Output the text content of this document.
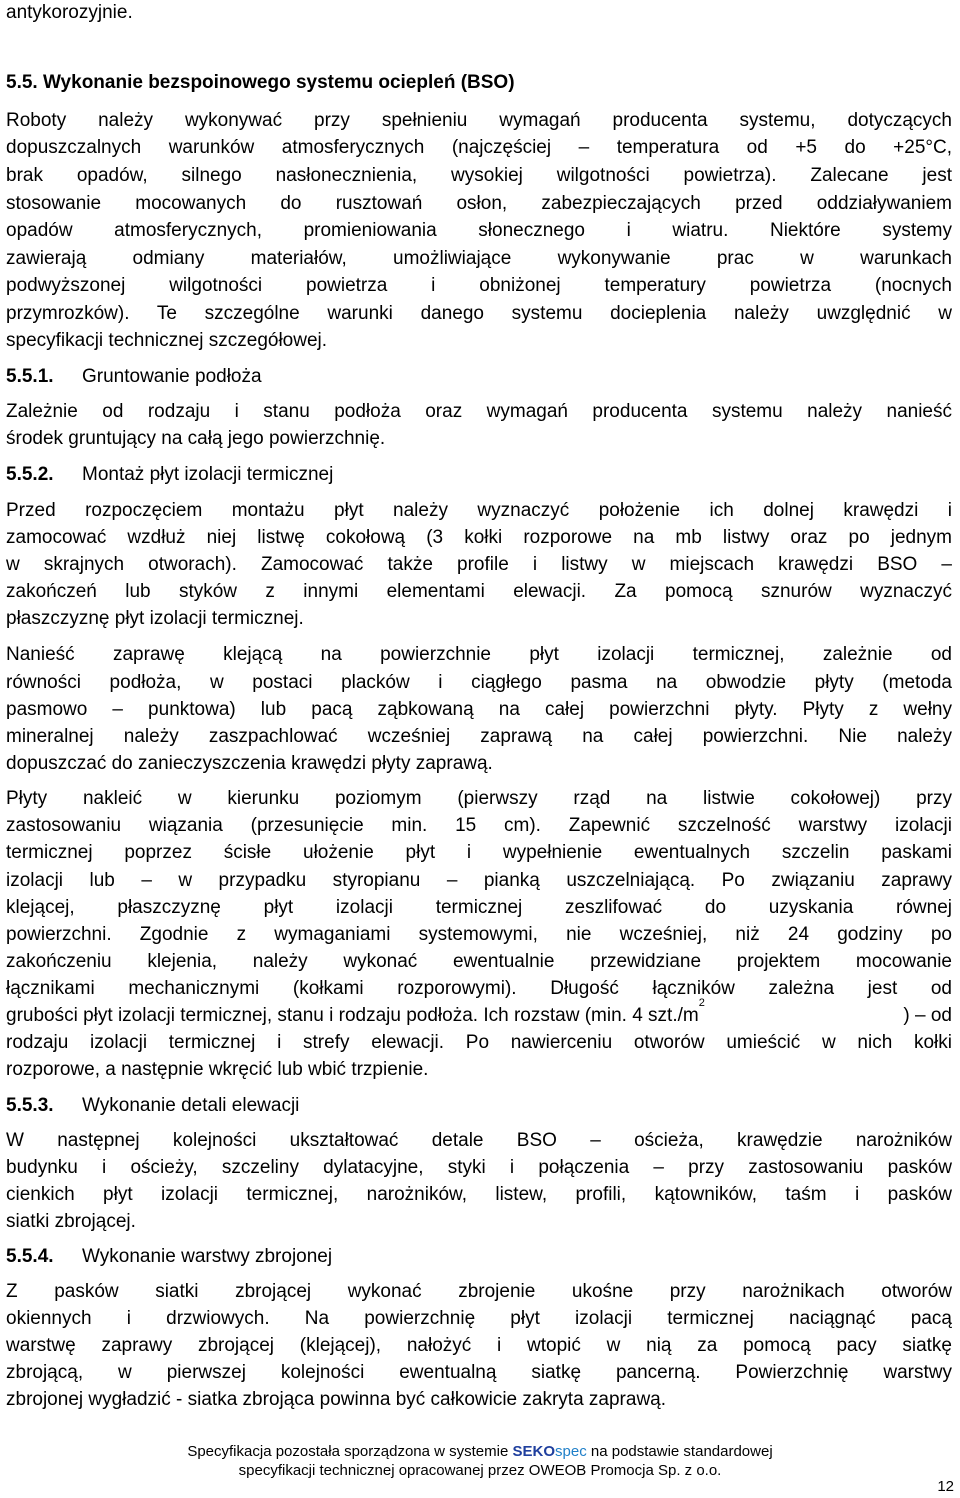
antykorozyjnie.
5.5. Wykonanie bezspoinowego systemu ociepleń (BSO)
Roboty należy wykonywać przy spełnieniu wymagań producenta systemu, dotyczących
dopuszczalnych warunków atmosferycznych (najczęściej – temperatura od +5 do +25°C,
brak opadów, silnego nasłonecznienia, wysokiej wilgotności powietrza). Zalecane jest
stosowanie mocowanych do rusztowań osłon, zabezpieczających przed oddziaływaniem
opadów atmosferycznych, promieniowania słonecznego i wiatru. Niektóre systemy
zawierają odmiany materiałów, umożliwiające wykonywanie prac w warunkach
podwyższonej wilgotności powietrza i obniżonej temperatury powietrza (nocnych
przymrozków). Te szczególne warunki danego systemu docieplenia należy uwzględnić w
specyfikacji technicznej szczegółowej.
5.5.1. Gruntowanie podłoża
Zależnie od rodzaju i stanu podłoża oraz wymagań producenta systemu należy nanieść
środek gruntujący na całą jego powierzchnię.
5.5.2. Montaż płyt izolacji termicznej
Przed rozpoczęciem montażu płyt należy wyznaczyć położenie ich dolnej krawędzi i
zamocować wzdłuż niej listwę cokołową (3 kołki rozporowe na mb listwy oraz po jednym
w skrajnych otworach). Zamocować także profile i listwy w miejscach krawędzi BSO –
zakończeń lub styków z innymi elementami elewacji. Za pomocą sznurów wyznaczyć
płaszczyznę płyt izolacji termicznej.
Nanieść zaprawę klejącą na powierzchnie płyt izolacji termicznej, zależnie od
równości podłoża, w postaci placków i ciągłego pasma na obwodzie płyty (metoda
pasmowo – punktowa) lub pacą ząbkowaną na całej powierzchni płyty. Płyty z wełny
mineralnej należy zaszpachlować wcześniej zaprawą na całej powierzchni. Nie należy
dopuszczać do zanieczyszczenia krawędzi płyty zaprawą.
Płyty nakleić w kierunku poziomym (pierwszy rząd na listwie cokołowej) przy
zastosowaniu wiązania (przesunięcie min. 15 cm). Zapewnić szczelność warstwy izolacji
termicznej poprzez ścisłe ułożenie płyt i wypełnienie ewentualnych szczelin paskami
izolacji lub – w przypadku styropianu – pianką uszczelniającą. Po związaniu zaprawy
klejącej, płaszczyznę płyt izolacji termicznej zeszlifować do uzyskania równej
powierzchni. Zgodnie z wymaganiami systemowymi, nie wcześniej, niż 24 godziny po
zakończeniu klejenia, należy wykonać ewentualnie przewidziane projektem mocowanie
łącznikami mechanicznymi (kołkami rozporowymi). Długość łączników zależna jest od
grubości płyt izolacji termicznej, stanu i rodzaju podłoża. Ich rozstaw (min. 4 szt./m
2
) – od
rodzaju izolacji termicznej i strefy elewacji. Po nawierceniu otworów umieścić w nich kołki
rozporowe, a następnie wkręcić lub wbić trzpienie.
5.5.3. Wykonanie detali elewacji
W następnej kolejności ukształtować detale BSO – ościeża, krawędzie narożników
budynku i ościeży, szczeliny dylatacyjne, styki i połączenia – przy zastosowaniu pasków
cienkich płyt izolacji termicznej, narożników, listew, profili, kątowników, taśm i pasków
siatki zbrojącej.
5.5.4. Wykonanie warstwy zbrojonej
Z pasków siatki zbrojącej wykonać zbrojenie ukośne przy narożnikach otworów
okiennych i drzwiowych. Na powierzchnię płyt izolacji termicznej naciągnąć pacą
warstwę zaprawy zbrojącej (klejącej), nałożyć i wtopić w nią za pomocą pacy siatkę
zbrojącą, w pierwszej kolejności ewentualną siatkę pancerną. Powierzchnię warstwy
zbrojonej wygładzić - siatka zbrojąca powinna być całkowicie zakryta zaprawą.
Specyfikacja pozostała sporządzona w systemie SEKOspec na podstawie standardowej
specyfikacji technicznej opracowanej przez OWEOB Promocja Sp. z o.o.
12
